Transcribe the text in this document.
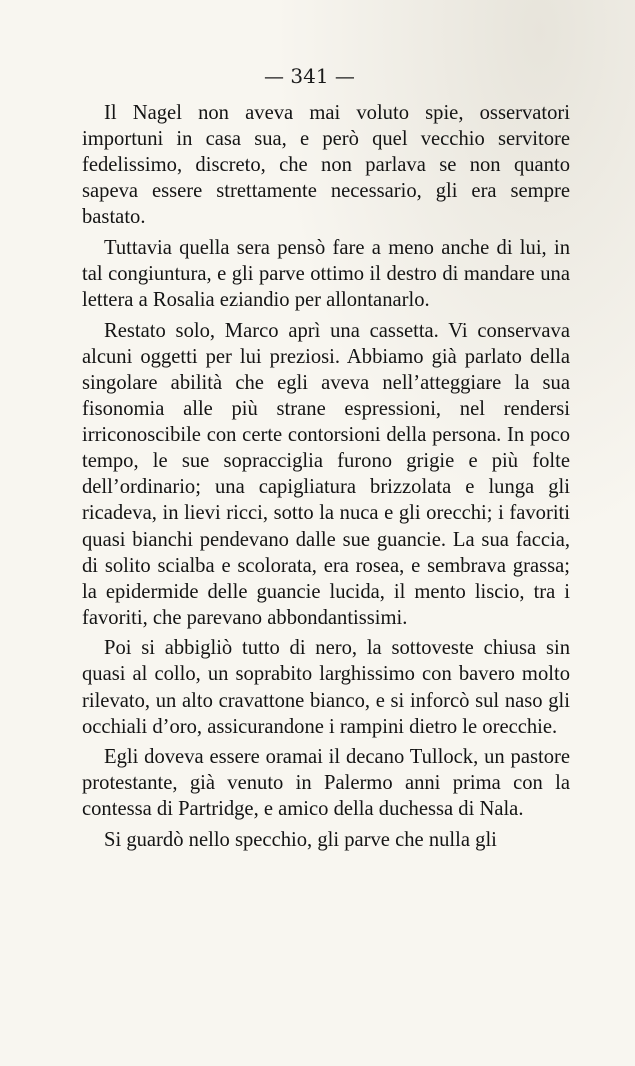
— 341 —

Il Nagel non aveva mai voluto spie, osservatori importuni in casa sua, e però quel vecchio servitore fedelissimo, discreto, che non parlava se non quanto sapeva essere strettamente necessario, gli era sempre bastato.

Tuttavia quella sera pensò fare a meno anche di lui, in tal congiuntura, e gli parve ottimo il destro di mandare una lettera a Rosalia eziandio per allontanarlo.

Restato solo, Marco aprì una cassetta. Vi conservava alcuni oggetti per lui preziosi. Abbiamo già parlato della singolare abilità che egli aveva nell’atteggiare la sua fisonomia alle più strane espressioni, nel rendersi irriconoscibile con certe contorsioni della persona. In poco tempo, le sue sopracciglia furono grigie e più folte dell’ordinario; una capigliatura brizzolata e lunga gli ricadeva, in lievi ricci, sotto la nuca e gli orecchi; i favoriti quasi bianchi pendevano dalle sue guancie. La sua faccia, di solito scialba e scolorata, era rosea, e sembrava grassa; la epidermide delle guancie lucida, il mento liscio, tra i favoriti, che parevano abbondantissimi.

Poi si abbigliò tutto di nero, la sottoveste chiusa sin quasi al collo, un soprabito larghissimo con bavero molto rilevato, un alto cravattone bianco, e si inforcò sul naso gli occhiali d’oro, assicurandone i rampini dietro le orecchie.

Egli doveva essere oramai il decano Tullock, un pastore protestante, già venuto in Palermo anni prima con la contessa di Partridge, e amico della duchessa di Nala.

Si guardò nello specchio, gli parve che nulla gli
